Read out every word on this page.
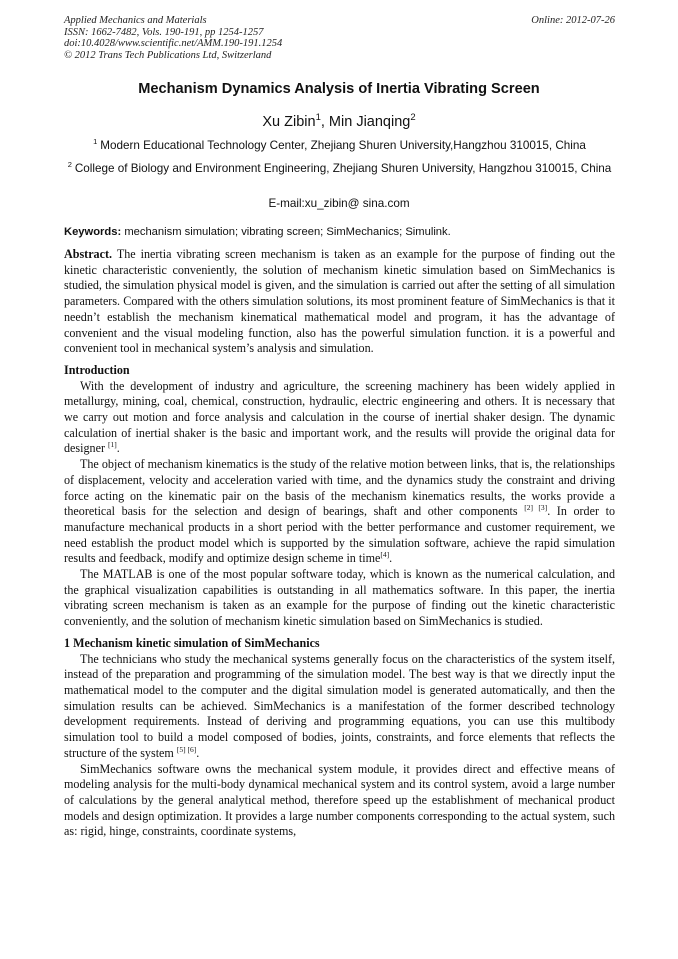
Applied Mechanics and Materials
ISSN: 1662-7482, Vols. 190-191, pp 1254-1257
doi:10.4028/www.scientific.net/AMM.190-191.1254
© 2012 Trans Tech Publications Ltd, Switzerland
Online: 2012-07-26
Mechanism Dynamics Analysis of Inertia Vibrating Screen
Xu Zibin$^1$, Min Jianqing$^2$
$^1$ Modern Educational Technology Center, Zhejiang Shuren University,Hangzhou 310015, China
$^2$ College of Biology and Environment Engineering, Zhejiang Shuren University, Hangzhou 310015, China
E-mail:xu_zibin@ sina.com
Keywords: mechanism simulation; vibrating screen; SimMechanics; Simulink.

Abstract. The inertia vibrating screen mechanism is taken as an example for the purpose of finding out the kinetic characteristic conveniently, the solution of mechanism kinetic simulation based on SimMechanics is studied, the simulation physical model is given, and the simulation is carried out after the setting of all simulation parameters. Compared with the others simulation solutions, its most prominent feature of SimMechanics is that it needn’t establish the mechanism kinematical mathematical model and program, it has the advantage of convenient and the visual modeling function, also has the powerful simulation function. it is a powerful and convenient tool in mechanical system’s analysis and simulation.

Introduction

With the development of industry and agriculture, the screening machinery has been widely applied in metallurgy, mining, coal, chemical, construction, hydraulic, electric engineering and others. It is necessary that we carry out motion and force analysis and calculation in the course of inertial shaker design. The dynamic calculation of inertial shaker is the basic and important work, and the results will provide the original data for designer [1].

The object of mechanism kinematics is the study of the relative motion between links, that is, the relationships of displacement, velocity and acceleration varied with time, and the dynamics study the constraint and driving force acting on the kinematic pair on the basis of the mechanism kinematics results, the works provide a theoretical basis for the selection and design of bearings, shaft and other components [2] [3]. In order to manufacture mechanical products in a short period with the better performance and customer requirement, we need establish the product model which is supported by the simulation software, achieve the rapid simulation results and feedback, modify and optimize design scheme in time[4].

The MATLAB is one of the most popular software today, which is known as the numerical calculation, and the graphical visualization capabilities is outstanding in all mathematics software. In this paper, the inertia vibrating screen mechanism is taken as an example for the purpose of finding out the kinetic characteristic conveniently, and the solution of mechanism kinetic simulation based on SimMechanics is studied.

1 Mechanism kinetic simulation of SimMechanics

The technicians who study the mechanical systems generally focus on the characteristics of the system itself, instead of the preparation and programming of the simulation model. The best way is that we directly input the mathematical model to the computer and the digital simulation model is generated automatically, and then the simulation results can be achieved. SimMechanics is a manifestation of the former described technology development requirements. Instead of deriving and programming equations, you can use this multibody simulation tool to build a model composed of bodies, joints, constraints, and force elements that reflects the structure of the system [5] [6].

SimMechanics software owns the mechanical system module, it provides direct and effective means of modeling analysis for the multi-body dynamical mechanical system and its control system, avoid a large number of calculations by the general analytical method, therefore speed up the establishment of mechanical product models and design optimization. It provides a large number components corresponding to the actual system, such as: rigid, hinge, constraints, coordinate systems,
